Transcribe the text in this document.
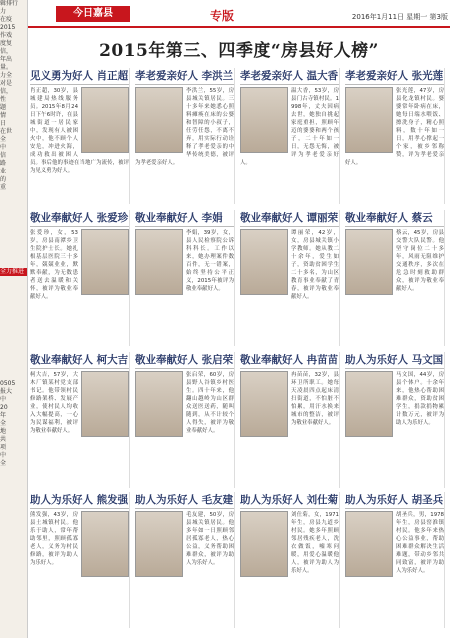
辑排行
力
在疫
2015
作戏
度复
信，
年出
量。
力全
对是
信，
性
题
情
日
在世
全
中
信
路
业
的
重
全力推进
0505
报大
中
20
年
全
地
共
项
中
全
今日嘉县	专版	2016年1月11日 星期一 第3版
2015年第三、四季度“房县好人榜”
见义勇为好人 肖正超
肖正超，30岁，县城建局热线服务员。2015年8月24日下午6时许，在县城街道一居民家中，发现有人被困火中，他不顾个人安危，冲进火海，成功救出被困人员。事后他的事迹在当地广为流传，被评为见义勇为好人。
孝老爱亲好人 李洪兰
李洪兰，55岁，房县城关镇居民。三十多年来她悉心照料瘫痪在床的公婆和智障的小叔子，任劳任怨，不离不弃，用实际行动诠释了孝老爱亲的中华传统美德，被评为孝老爱亲好人。
孝老爱亲好人 温大香
温大香，53岁，房县门古寺镇村民。1998年，丈夫因病去世，她独自挑起家庭重担，照顾年迈的婆婆和两个孩子，二十年如一日，无怨无悔，被评为孝老爱亲好人。
孝老爱亲好人 张光莲
张光莲，47岁，房县化龙镇村民。婆婆常年卧病在床，她每日端水喂饭、擦洗身子，精心照料，数十年如一日，用孝心撑起一个家，被乡邻称赞，评为孝老爱亲好人。
敬业奉献好人 张爱珍
张爱珍，女，53岁，房县南潭乡卫生院护士长。她扎根基层医院三十多年，兢兢业业，默默奉献，为无数患者送去温暖和关怀，被评为敬业奉献好人。
敬业奉献好人 李娟
李娟，39岁，女，县人民检察院公诉科科长。工作以来，她办理案件数百件，无一错案，始终坚持公平正义，2015年被评为敬业奉献好人。
敬业奉献好人 谭丽荣
谭丽荣，42岁，女，房县城关镇小学教师。她从教二十余年，爱生如子，资助贫困学生二十多名，为山区教育事业奉献了青春，被评为敬业奉献好人。
敬业奉献好人 蔡云
蔡云，45岁，房县交警大队民警。他坚守岗位二十多年，风雨无阻维护交通秩序，多次在危急时刻救助群众，被评为敬业奉献好人。
敬业奉献好人 柯大吉
柯大吉，57岁，大木厂镇某村党支部书记。他带领村民修路架桥、发展产业，使村民人均收入大幅提高，一心为民谋福利，被评为敬业奉献好人。
敬业奉献好人 张启荣
张启荣，60岁，房县野人谷镇乡村医生。四十年来，他翻山越岭为山区群众送医送药，随叫随到，从不计较个人得失，被评为敬业奉献好人。
敬业奉献好人 冉苗苗
冉苗苗，32岁，县环卫所职工。她每天凌晨四点起床清扫街道，不怕脏不怕累，用汗水换来城市的整洁，被评为敬业奉献好人。
助人为乐好人 马文国
马文国，44岁，房县个体户。十余年来，他热心帮助困难群众，资助贫困学生，捐款捐物累计数万元，被评为助人为乐好人。
助人为乐好人 熊发强
熊发强，43岁，房县土城镇村民。他乐于助人，常年帮助邻里，照顾孤寡老人，义务为村民修路，被评为助人为乐好人。
助人为乐好人 毛友建
毛友建，50岁，房县城关镇居民。他多年如一日照顾邻居孤寡老人，热心公益，义务帮助困难群众，被评为助人为乐好人。
助人为乐好人 刘仕菊
刘仕菊，女，1971年生，房县九道乡村民。她多年照顾邻居残疾老人，洗衣做饭，嘘寒问暖，用爱心温暖他人，被评为助人为乐好人。
助人为乐好人 胡圣兵
胡圣兵，男，1978年生，房县窑淮镇村民。他多年来热心公益事业，帮助困难群众解决生活难题，带动乡邻共同致富，被评为助人为乐好人。
